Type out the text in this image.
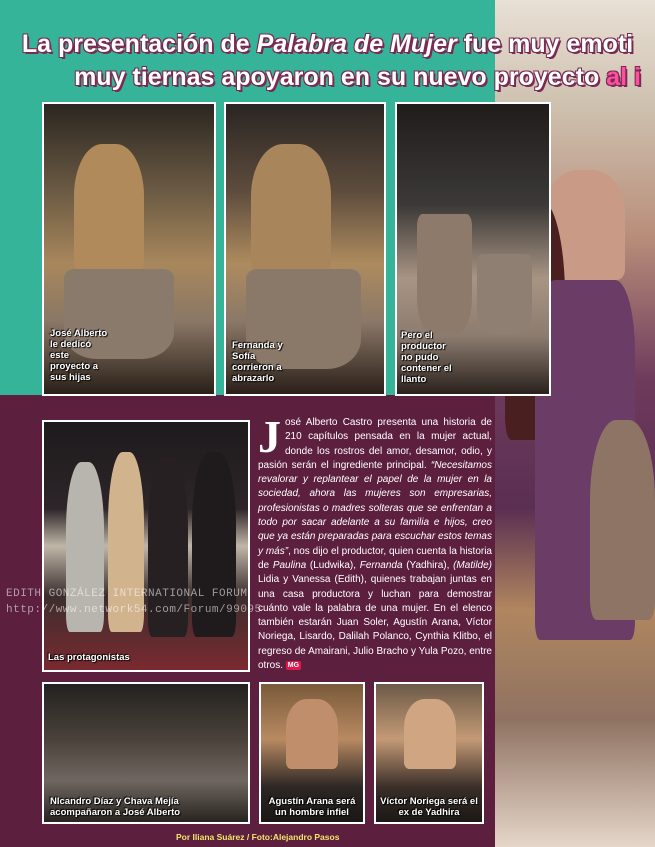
La presentación de Palabra de Mujer fue muy emoti
muy tiernas apoyaron en su nuevo proyecto al i
José Alberto le dedicó este proyecto a sus hijas
Fernanda y Sofía corrieron a abrazarlo
Pero el productor no pudo contener el llanto
Las protagonistas
NIcandro Díaz y Chava Mejía acompañaron a José Alberto
Agustín Arana será un hombre infiel
Víctor Noriega será el ex de Yadhira
José Alberto Castro presenta una historia de 210 capítulos pensada en la mujer actual, donde los rostros del amor, desamor, odio, y pasión serán el ingrediente principal. “Necesitamos revalorar y replantear el papel de la mujer en la sociedad, ahora las mujeres son empresarias, profesionistas o madres solteras que se enfrentan a todo por sacar adelante a su familia e hijos, creo que ya están preparadas para escuchar estos temas y más”, nos dijo el productor, quien cuenta la historia de Paulina (Ludwika), Fernanda (Yadhira), (Matilde) Lidia y Vanessa (Edith), quienes trabajan juntas en una casa productora y luchan para demostrar cuánto vale la palabra de una mujer. En el elenco también estarán Juan Soler, Agustín Arana, Víctor Noriega, Lisardo, Dalilah Polanco, Cynthia Klitbo, el regreso de Amairani, Julio Bracho y Yula Pozo, entre otros. MG
EDITH GONZÁLEZ INTERNATIONAL FORUM
http://www.network54.com/Forum/99095
Por Iliana Suárez / Foto:Alejandro Pasos
